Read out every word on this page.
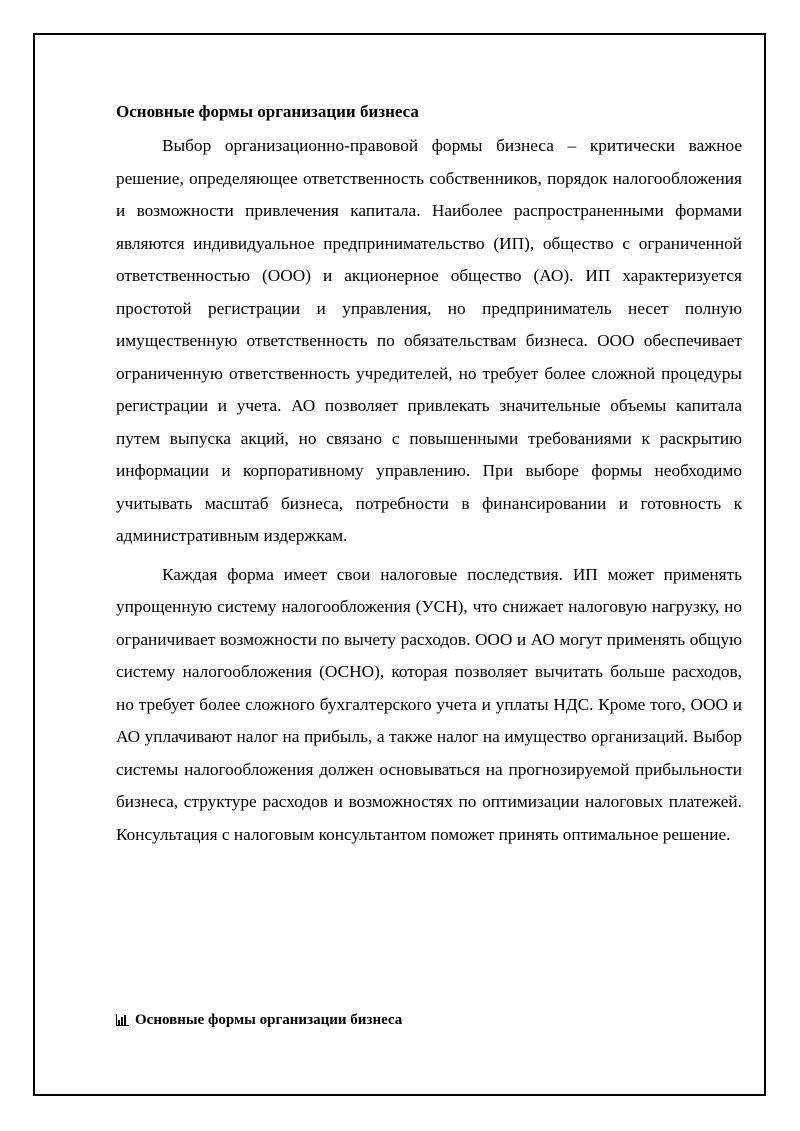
Основные формы организации бизнеса

Выбор организационно-правовой формы бизнеса – критически важное решение, определяющее ответственность собственников, порядок налогообложения и возможности привлечения капитала. Наиболее распространенными формами являются индивидуальное предпринимательство (ИП), общество с ограниченной ответственностью (ООО) и акционерное общество (АО). ИП характеризуется простотой регистрации и управления, но предприниматель несет полную имущественную ответственность по обязательствам бизнеса. ООО обеспечивает ограниченную ответственность учредителей, но требует более сложной процедуры регистрации и учета. АО позволяет привлекать значительные объемы капитала путем выпуска акций, но связано с повышенными требованиями к раскрытию информации и корпоративному управлению. При выборе формы необходимо учитывать масштаб бизнеса, потребности в финансировании и готовность к административным издержкам.

Каждая форма имеет свои налоговые последствия. ИП может применять упрощенную систему налогообложения (УСН), что снижает налоговую нагрузку, но ограничивает возможности по вычету расходов. ООО и АО могут применять общую систему налогообложения (ОСНО), которая позволяет вычитать больше расходов, но требует более сложного бухгалтерского учета и уплаты НДС. Кроме того, ООО и АО уплачивают налог на прибыль, а также налог на имущество организаций. Выбор системы налогообложения должен основываться на прогнозируемой прибыльности бизнеса, структуре расходов и возможностях по оптимизации налоговых платежей. Консультация с налоговым консультантом поможет принять оптимальное решение.

Основные формы организации бизнеса
